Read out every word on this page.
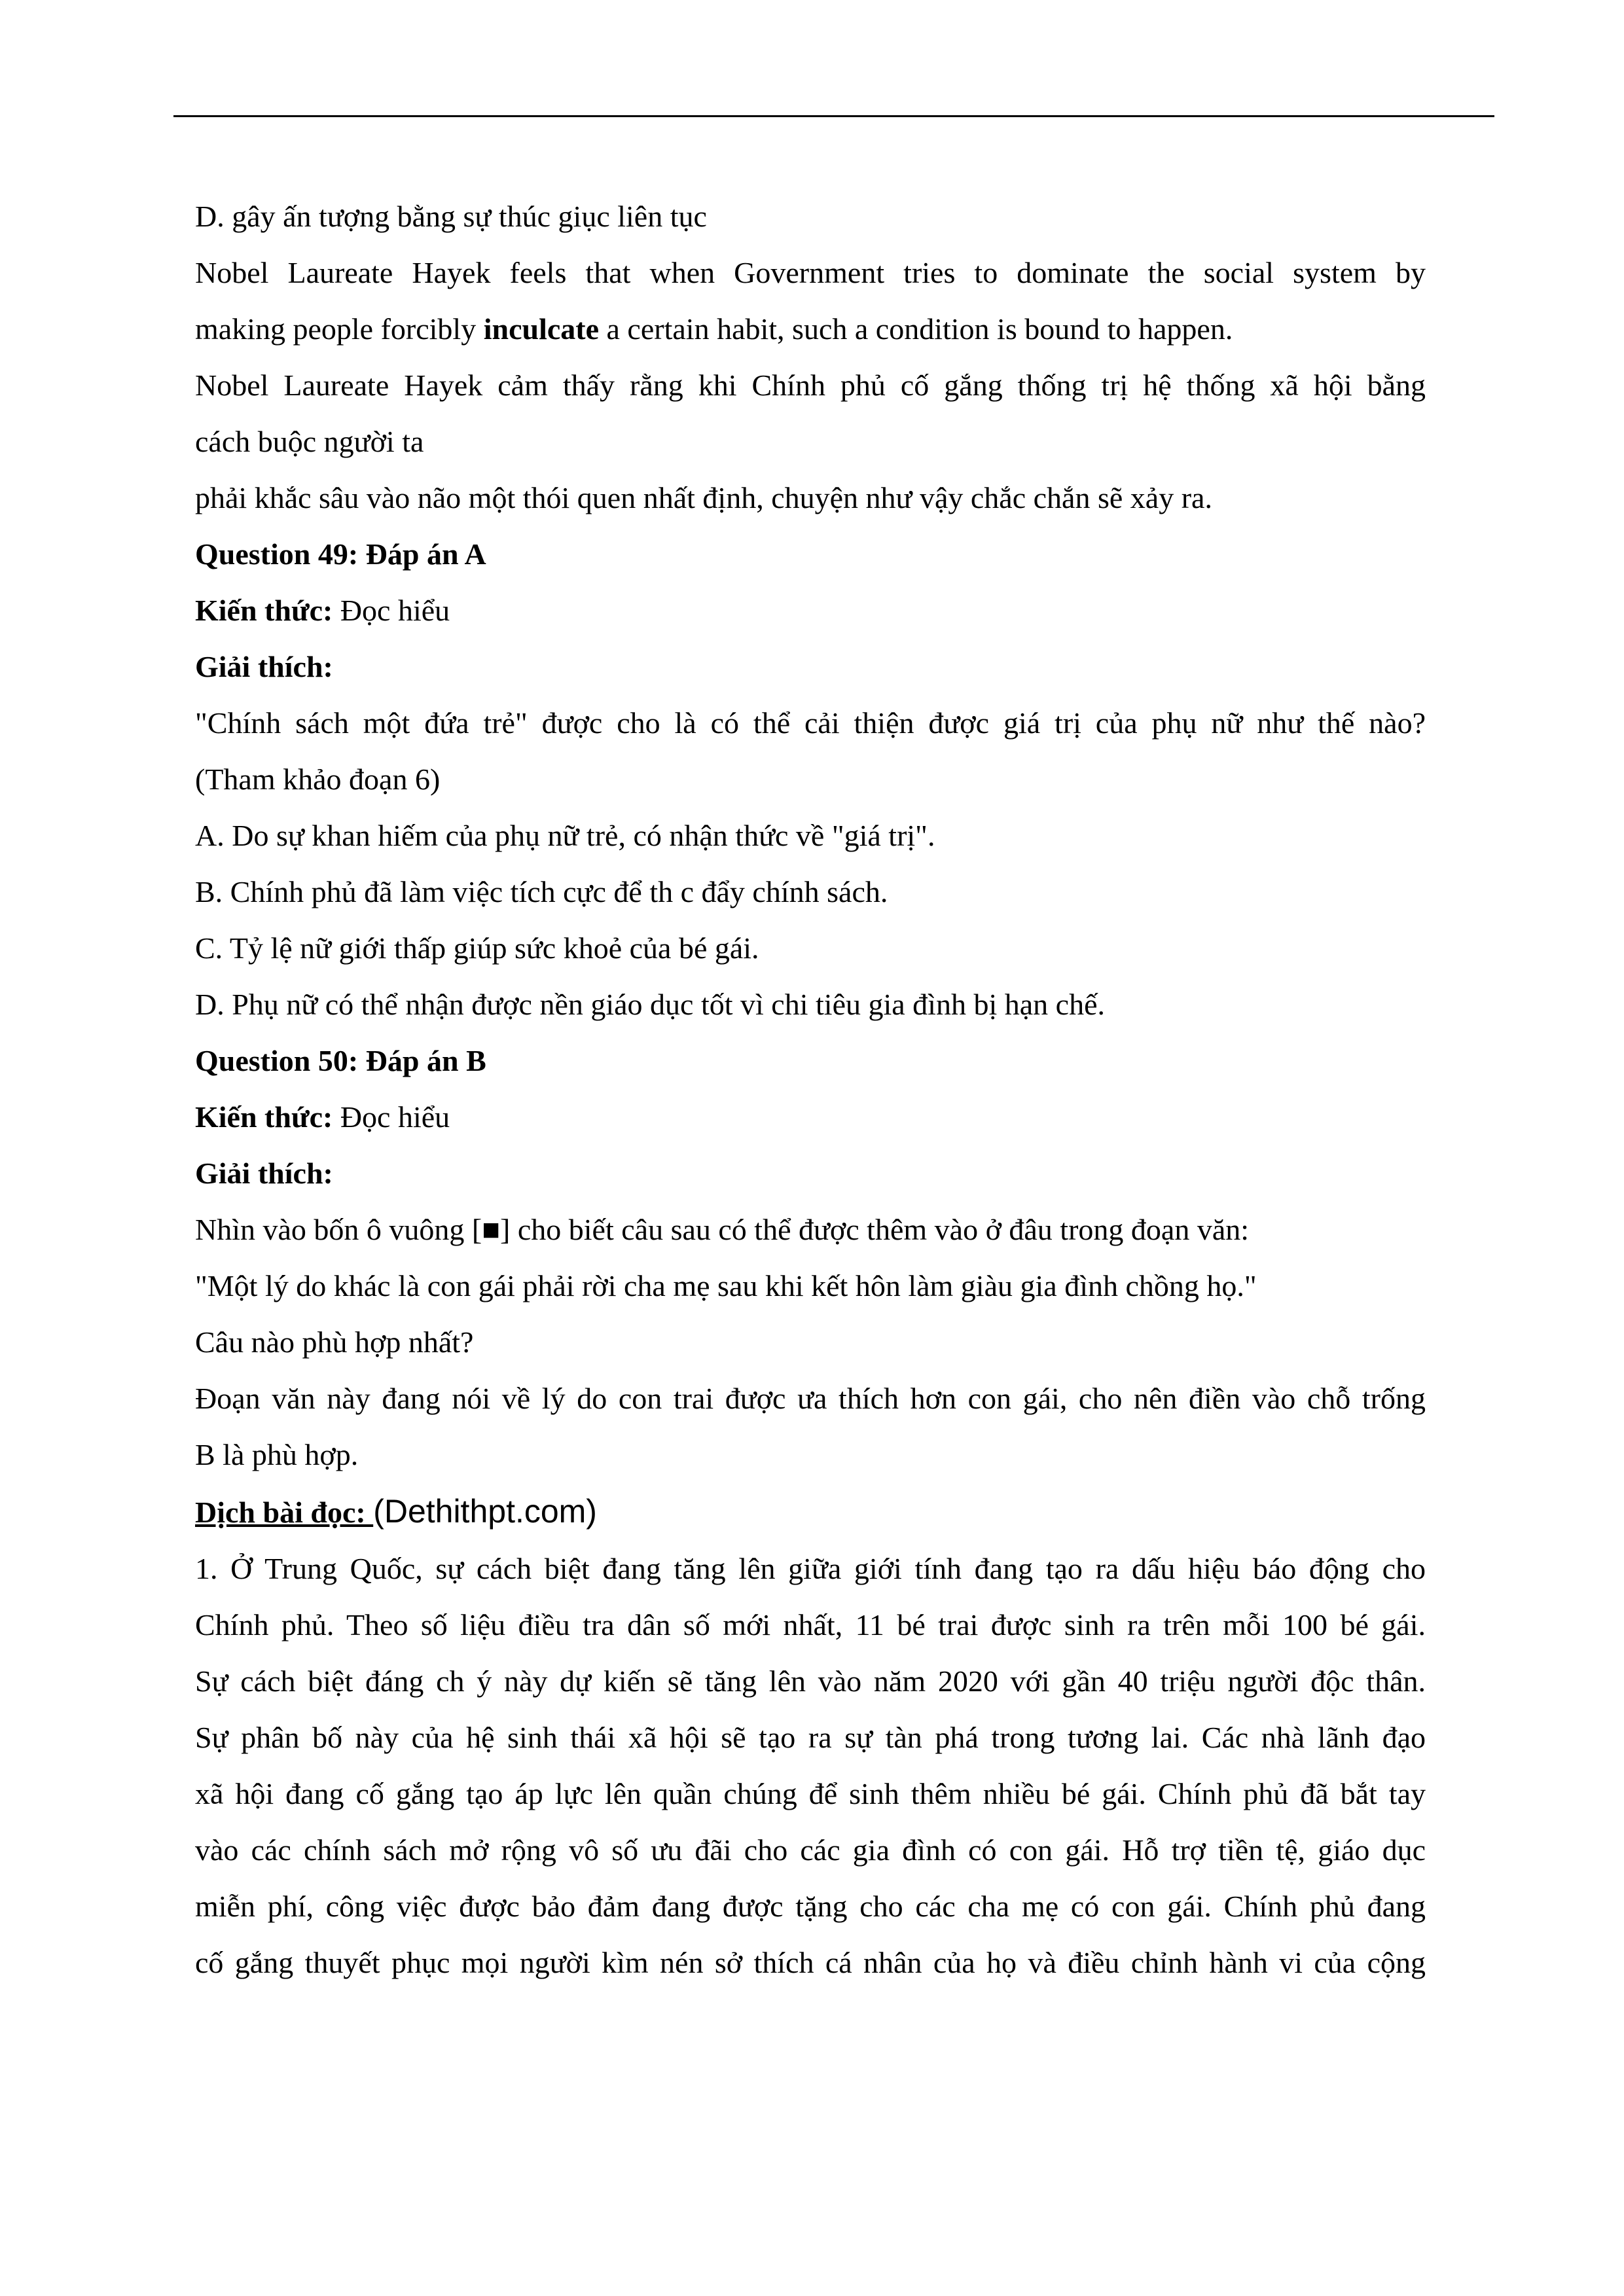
D. gây ấn tượng bằng sự thúc giục liên tục

Nobel Laureate Hayek feels that when Government tries to dominate the social system by

making people forcibly inculcate a certain habit, such a condition is bound to happen.

Nobel Laureate Hayek cảm thấy rằng khi Chính phủ cố gắng thống trị hệ thống xã hội bằng

cách buộc người ta

phải khắc sâu vào não một thói quen nhất định, chuyện như vậy chắc chắn sẽ xảy ra.

Question 49: Đáp án A

Kiến thức: Đọc hiểu

Giải thích:

"Chính sách một đứa trẻ" được cho là có thể cải thiện được giá trị của phụ nữ như thế nào?

(Tham khảo đoạn 6)

A. Do sự khan hiếm của phụ nữ trẻ, có nhận thức về "giá trị".

B. Chính phủ đã làm việc tích cực để th c đẩy chính sách.

C. Tỷ lệ nữ giới thấp giúp sức khoẻ của bé gái.

D. Phụ nữ có thể nhận được nền giáo dục tốt vì chi tiêu gia đình bị hạn chế.

Question 50: Đáp án B

Kiến thức: Đọc hiểu

Giải thích:

Nhìn vào bốn ô vuông [■] cho biết câu sau có thể được thêm vào ở đâu trong đoạn văn:

"Một lý do khác là con gái phải rời cha mẹ sau khi kết hôn làm giàu gia đình chồng họ."

Câu nào phù hợp nhất?

Đoạn văn này đang nói về lý do con trai được ưa thích hơn con gái, cho nên điền vào chỗ trống

B là phù hợp.

Dịch bài đọc: (Dethithpt.com)

1. Ở Trung Quốc, sự cách biệt đang tăng lên giữa giới tính đang tạo ra dấu hiệu báo động cho

Chính phủ. Theo số liệu điều tra dân số mới nhất, 11 bé trai được sinh ra trên mỗi 100 bé gái.

Sự cách biệt đáng ch ý này dự kiến sẽ tăng lên vào năm 2020 với gần 40 triệu người độc thân.

Sự phân bố này của hệ sinh thái xã hội sẽ tạo ra sự tàn phá trong tương lai. Các nhà lãnh đạo

xã hội đang cố gắng tạo áp lực lên quần chúng để sinh thêm nhiều bé gái. Chính phủ đã bắt tay

vào các chính sách mở rộng vô số ưu đãi cho các gia đình có con gái. Hỗ trợ tiền tệ, giáo dục

miễn phí, công việc được bảo đảm đang được tặng cho các cha mẹ có con gái. Chính phủ đang

cố gắng thuyết phục mọi người kìm nén sở thích cá nhân của họ và điều chỉnh hành vi của cộng
